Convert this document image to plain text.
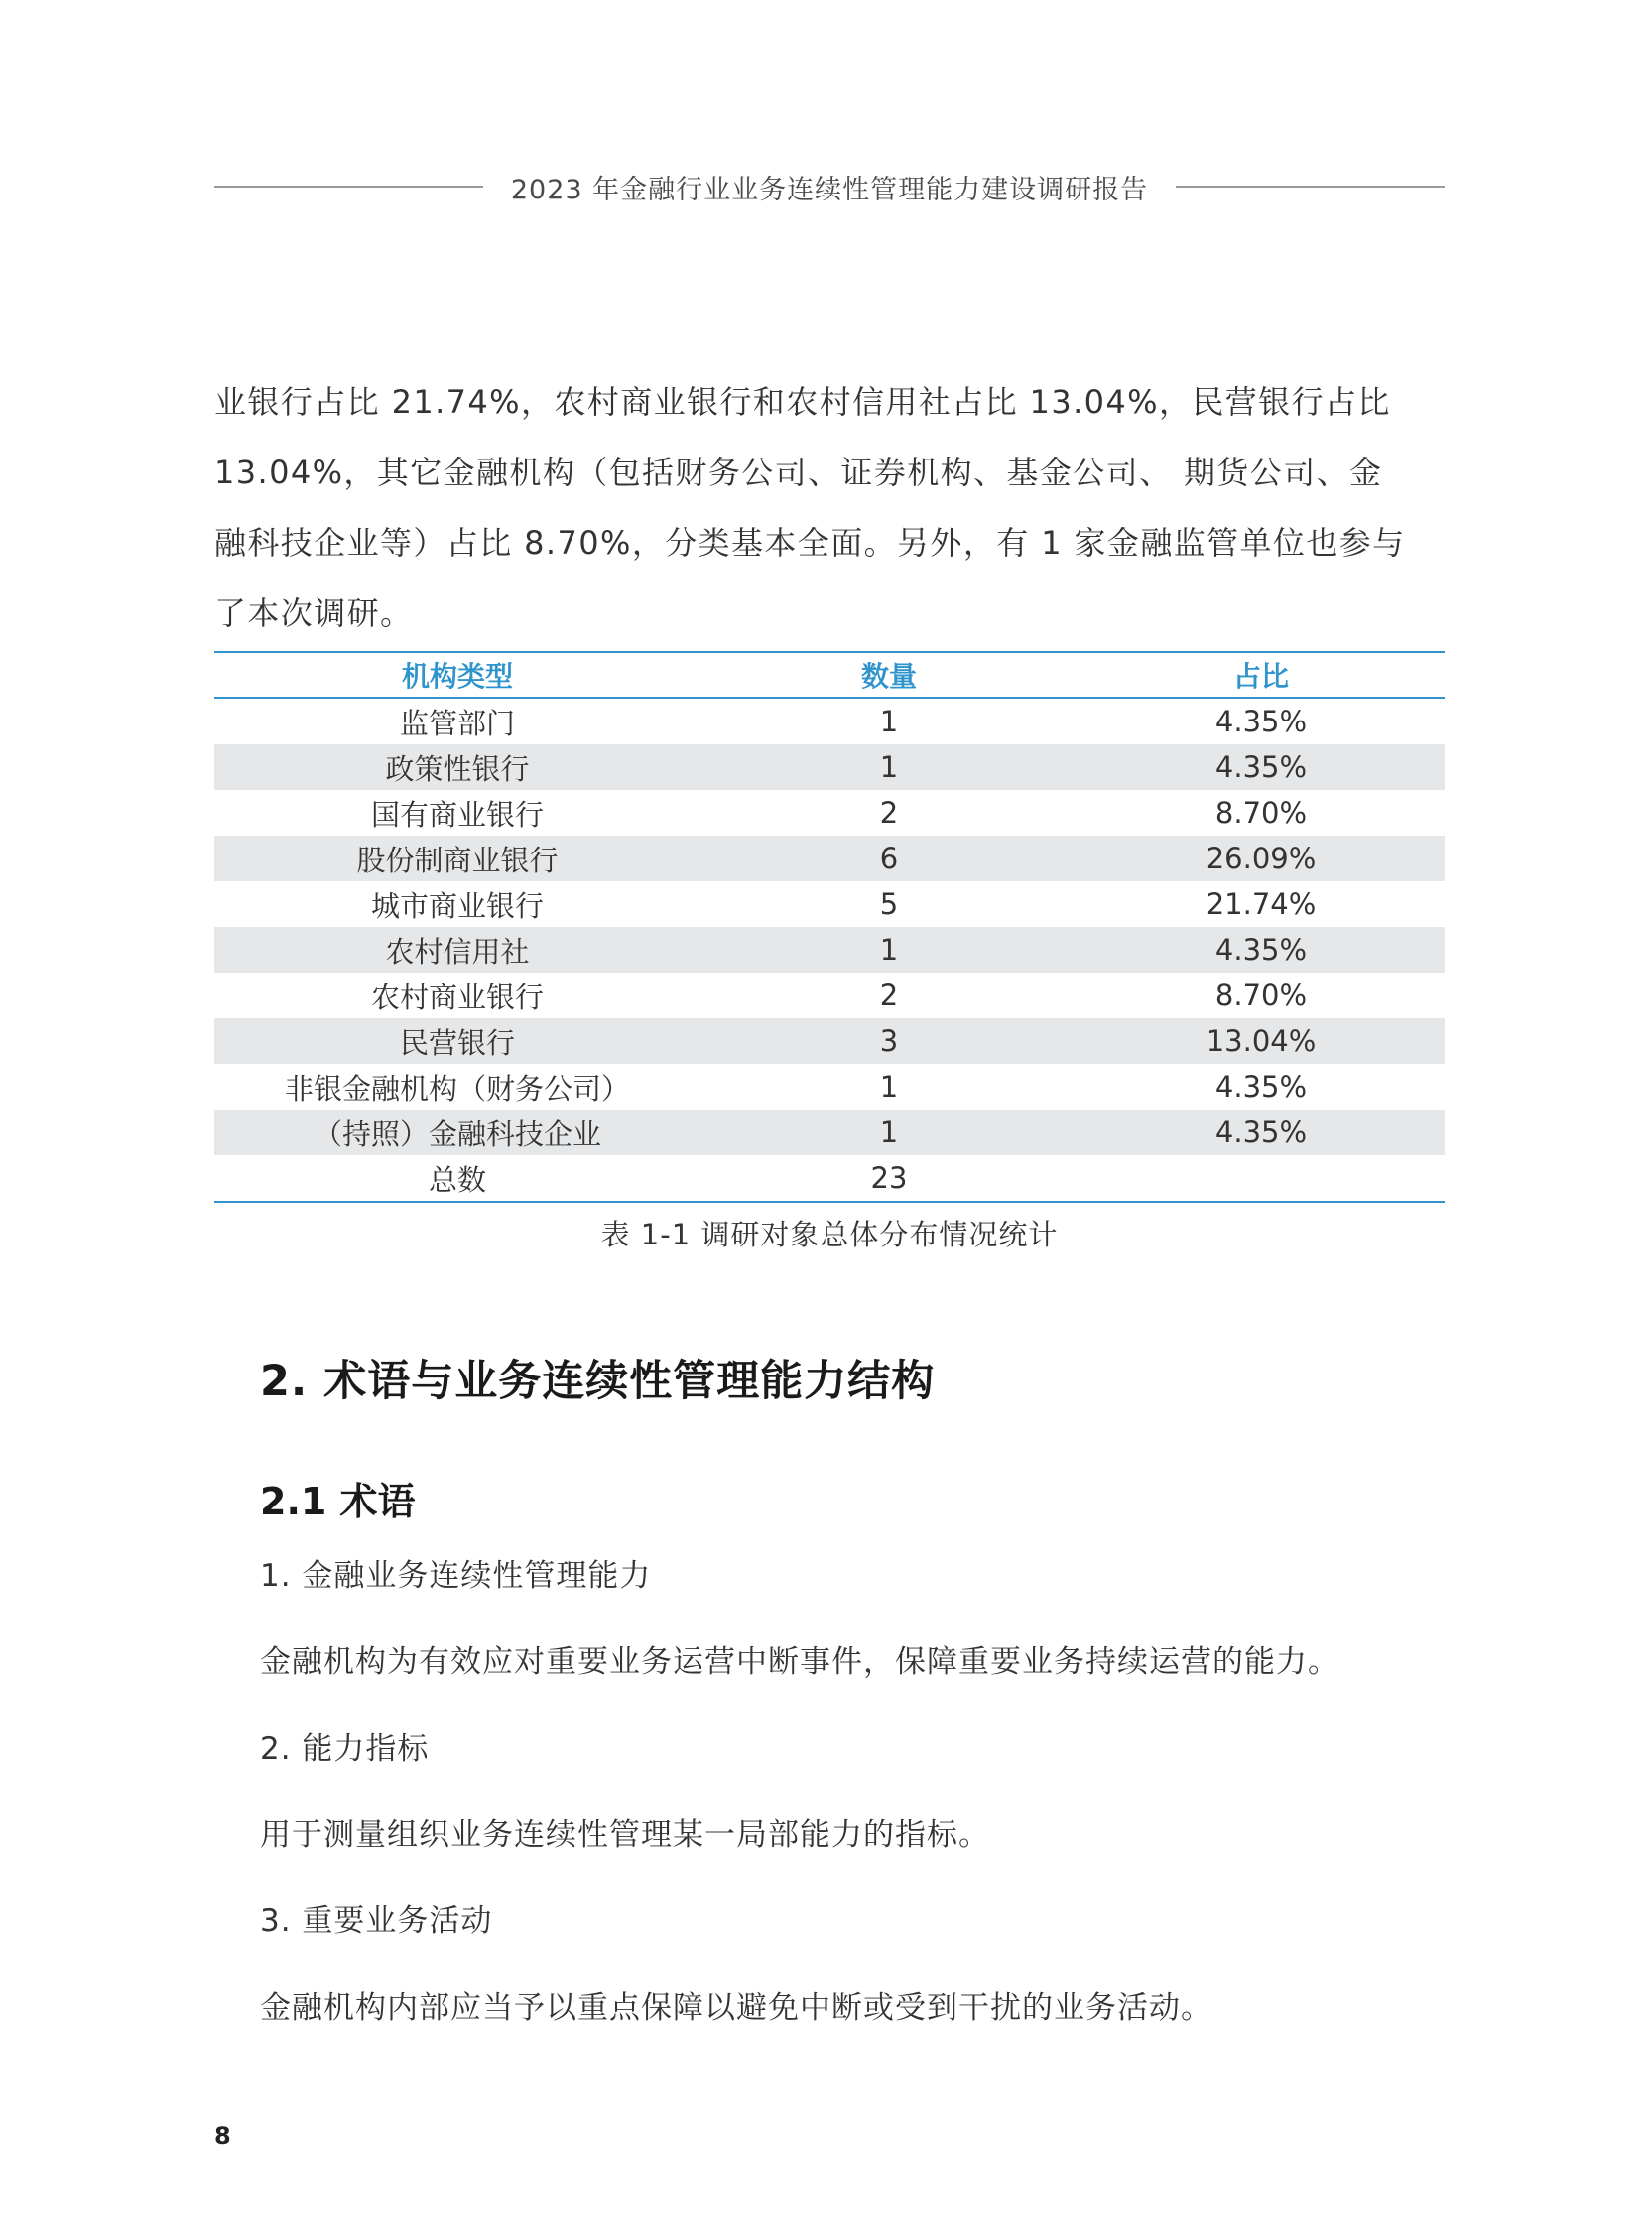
2023 年金融行业业务连续性管理能力建设调研报告

业银行占比 21.74%，农村商业银行和农村信用社占比 13.04%，民营银行占比

13.04%，其它金融机构（包括财务公司、证券机构、基金公司、 期货公司、金

融科技企业等）占比 8.70%，分类基本全面。另外，有 1 家金融监管单位也参与

了本次调研。

机构类型	数量	占比
监管部门	1	4.35%
政策性银行	1	4.35%
国有商业银行	2	8.70%
股份制商业银行	6	26.09%
城市商业银行	5	21.74%
农村信用社	1	4.35%
农村商业银行	2	8.70%
民营银行	3	13.04%
非银金融机构（财务公司）	1	4.35%
（持照）金融科技企业	1	4.35%
总数	23	
表 1-1 调研对象总体分布情况统计
2. 术语与业务连续性管理能力结构
2.1 术语

1. 金融业务连续性管理能力

金融机构为有效应对重要业务运营中断事件，保障重要业务持续运营的能力。

2. 能力指标

用于测量组织业务连续性管理某一局部能力的指标。

3. 重要业务活动

金融机构内部应当予以重点保障以避免中断或受到干扰的业务活动。

8
